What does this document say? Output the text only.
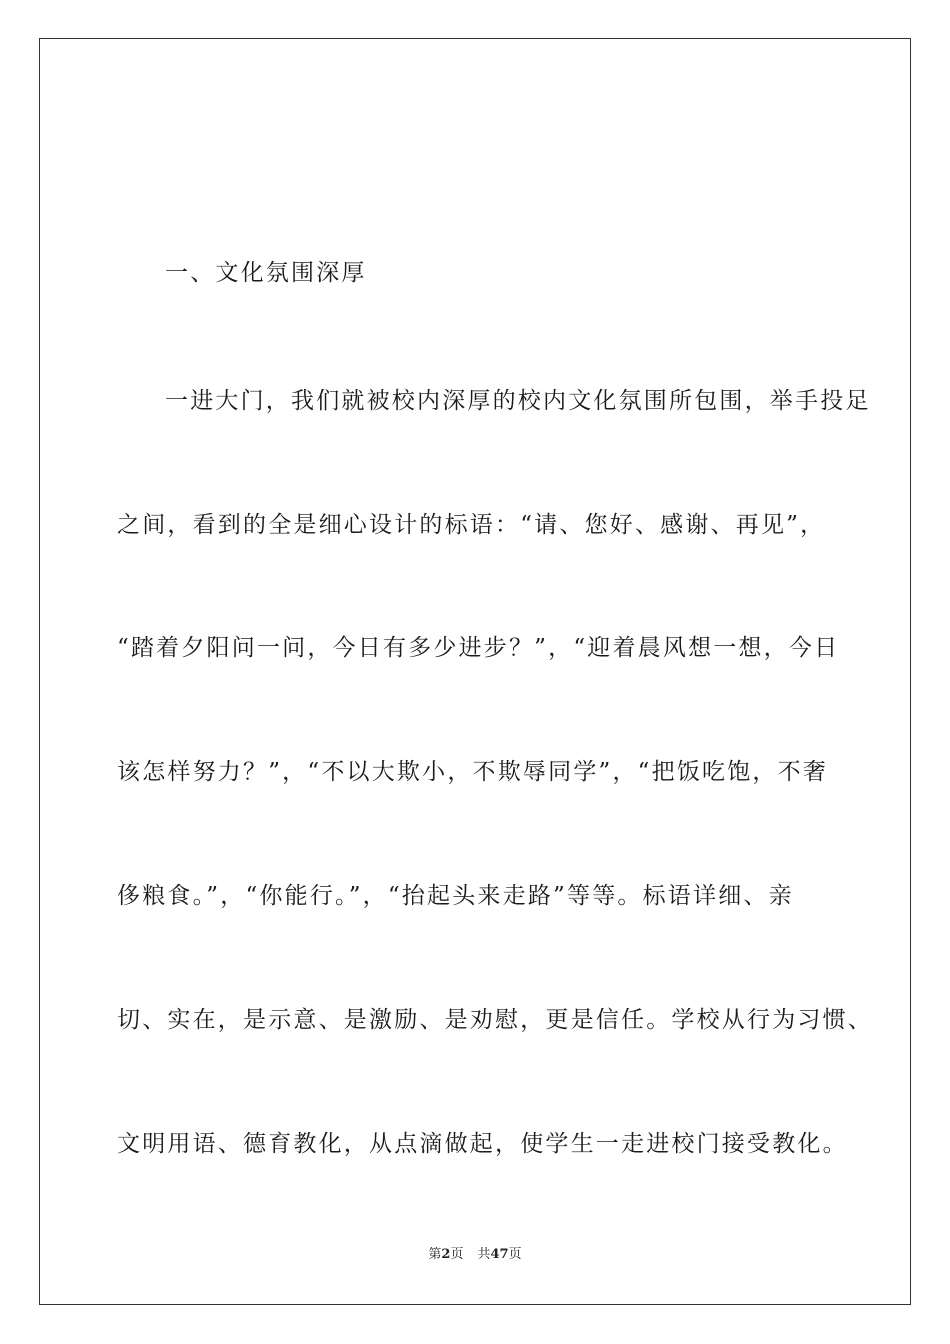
一、文化氛围深厚
一进大门，我们就被校内深厚的校内文化氛围所包围，举手投足
之间，看到的全是细心设计的标语：“请、您好、感谢、再见”，
“踏着夕阳问一问，今日有多少进步？”，“迎着晨风想一想，今日
该怎样努力？”，“不以大欺小，不欺辱同学”，“把饭吃饱，不奢
侈粮食。”，“你能行。”，“抬起头来走路”等等。标语详细、亲
切、实在，是示意、是激励、是劝慰，更是信任。学校从行为习惯、
文明用语、德育教化，从点滴做起，使学生一走进校门接受教化。
第2页 共47页
